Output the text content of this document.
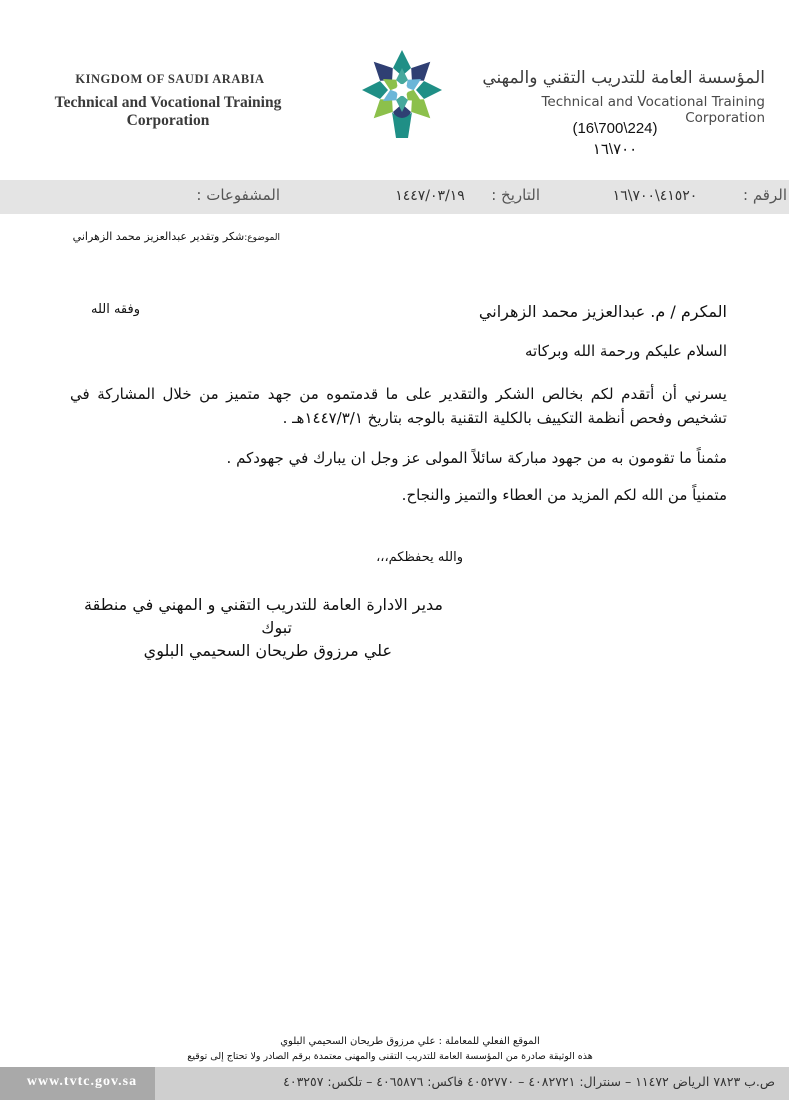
KINGDOM OF SAUDI ARABIA
Technical and Vocational Training Corporation
المؤسسة العامة للتدريب التقني والمهني
Technical and Vocational Training Corporation
(16\700\224)
٧٠٠\١٦
الرقم :
٤١٥٢٠\٧٠٠\١٦
التاريخ :
١٤٤٧/٠٣/١٩
المشفوعات :
الموضوع:شكر وتقدير عبدالعزيز محمد الزهراني
المكرم / م. عبدالعزيز محمد الزهراني
وفقه الله
السلام عليكم ورحمة الله وبركاته
يسرني أن أتقدم لكم بخالص الشكر والتقدير على ما قدمتموه من جهد متميز من خلال المشاركة في تشخيص وفحص أنظمة التكييف بالكلية التقنية بالوجه بتاريخ ١٤٤٧/٣/١هـ .
مثمناً ما تقومون به من جهود مباركة سائلاً المولى عز وجل ان يبارك في جهودكم .
متمنياً من الله لكم المزيد من العطاء والتميز والنجاح.
والله يحفظكم،،،
مدير الادارة العامة للتدريب التقني و المهني في منطقة
تبوك
علي مرزوق طريحان السحيمي البلوي
الموقع الفعلي للمعاملة : علي مرزوق طريحان السحيمي البلوي
هذه الوثيقة صادرة من المؤسسة العامة للتدريب التقنى والمهنى معتمدة برقم الصادر ولا تحتاج إلى توقيع
www.tvtc.gov.sa	ص.ب ٧٨٢٣ الرياض ١١٤٧٢ – سنترال: ٤٠٨٢٧٢١ – ٤٠٥٢٧٧٠ فاكس: ٤٠٦٥٨٧٦ – تلكس: ٤٠٣٢٥٧
